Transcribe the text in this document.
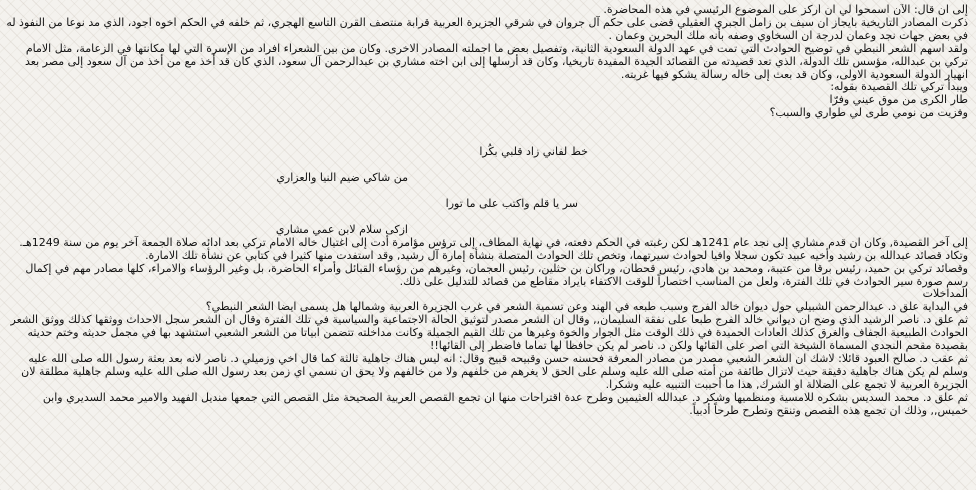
إلى ان قال: الآن اسمحوا لي ان أركز على الموضوع الرئيسي في هذه المحاضرة.

ذكرت المصادر التاريخية بايجاز ان سيف بن زامل الجبري العقيلي قضى على حكم آل جروان في شرقي الجزيرة العربية قرابة منتصف القرن التاسع الهجري، ثم خلفه في الحكم اخوه اجود، الذي مد نوعا من النفوذ له في بعض جهات نجد وعمان لدرجة ان السخاوي وصفه بأنه ملك البحرين وعمان .

ولقد اسهم الشعر النبطي في توضيح الحوادث التي تمت في عهد الدولة السعودية الثانية، وتفصيل بعض ما اجملته المصادر الاخرى. وكان من بين الشعراء افراد من الإسرة التي لها مكانتها في الزعامة، مثل الامام تركي بن عبدالله، مؤسس تلك الدولة، الذي تعد قصيدته من القصائد الجيدة المفيدة تاريخيا، وكان قد أرسلها إلى ابن اخته مشاري بن عبدالرحمن آل سعود، الذي كان قد أخذ مع من أخذ من آل سعود إلى مصر بعد انهيار الدولة السعودية الاولى، وكان قد بعث إلى خاله رسالة يشكو فيها غربته.

ويبدأ تركي تلك القصيدة بقوله:

طار الكرى من موق عيني وفرّا

وفزيت من نومي طرى لي طواري والسبب؟

خط لفاني زاد قلبي بكُرا

من شاكي ضيم النيا والعزاري

سر يا قلم واكتب على ما تورا

ازكى سلام لابن عمي مشاري

إلى آخر القصيدة, وكان ان قدم مشاري إلى نجد عام 1241هـ لكن رغبته في الحكم دفعته، في نهاية المطاف، إلى ترؤس مؤامرة أدت إلى اغتيال خاله الامام تركي بعد ادائه صلاة الجمعة آخر يوم من سنة 1249هـ.

وتكاد قصائد عبدالله بن رشيد وأخيه عبيد تكون سجلا وافيا لحوادث سيرتهما، وتخص تلك الحوادث المتصلة بنشأة إمارة آل رشيد, وقد استفدت منها كثيرا في كتابي عن نشأة تلك الامارة.

وقصائد تركي بن حميد، رئيس برقا من عتيبة، ومحمد بن هادي، رئيس قحطان، وراكان بن حثلين، رئيس العجمان، وغيرهم من رؤساء القبائل وأمراء الحاضرة، بل وغير الرؤساء والامراء، كلها مصادر مهم في إكمال رسم صورة سير الحوادث في تلك الفترة، ولعل من المناسب اختصاراً للوقت الاكتفاء بايراد مقاطع من قصائد للتدليل على ذلك.

المداخلات

في البداية علق د. عبدالرحمن الشبيلي حول ديوان خالد الفرج وسبب طبعه في الهند وعن تسمية الشعر في غرب الجزيرة العربية وشمالها هل يسمى ايضا الشعر النبطي؟

ثم علق د. ناصر الرشيد الذي وضح ان ديواني خالد الفرج طبعا على نفقة السليمان,, وقال ان الشعر مصدر لتوثيق الحالة الاجتماعية والسياسية في تلك الفترة وقال ان الشعر سجل الاحداث ووثقها كذلك ووثق الشعر الحوادث الطبيعية الجفاف والغرق كذلك العادات الحميدة في ذلك الوقت مثل الجوار والخوة وغيرها من تلك القيم الجميلة وكانت مداخلته تتضمن ابياتا من الشعر الشعبي استشهد بها في مجمل حديثه وختم حديثه بقصيدة مقحم النجدي المسماة الشيخة التي اصر على القائها ولكن د. ناصر لم يكن حافظا لها تماما فاضطر إلى القائها!!

ثم عقب د. صالح العبود قائلا: لاشك ان الشعر الشعبي مصدر من مصادر المعرفة فحسنه حسن وقبيحه قبيح وقال: انه ليس هناك جاهلية ثالثة كما قال اخي وزميلي د. ناصر لانه بعد بعثة رسول الله صلى الله عليه وسلم لم يكن هناك جاهلية دقيقة حيث لاتزال طائفة من أمته صلى الله عليه وسلم على الحق لا يغرهم من خلفهم ولا من خالفهم ولا يحق ان نسمي اي زمن بعد رسول الله صلى الله عليه وسلم جاهلية مطلقة لان الجزيرة العربية لا تجمع على الضلالة او الشرك, هذا ما أحببت التنبيه عليه وشكرا.

ثم علق د. محمد السديس بشكره للامسية ومنظميها وشكر د. عبدالله العثيمين وطرح عدة اقتراحات منها ان تجمع القصص العربية الصحيحة مثل القصص التي جمعها منديل الفهيد والامير محمد السديري وابن خميس,, وذلك ان تجمع هذه القصص وتنقح وتطرح طرحاً أدبياً.
